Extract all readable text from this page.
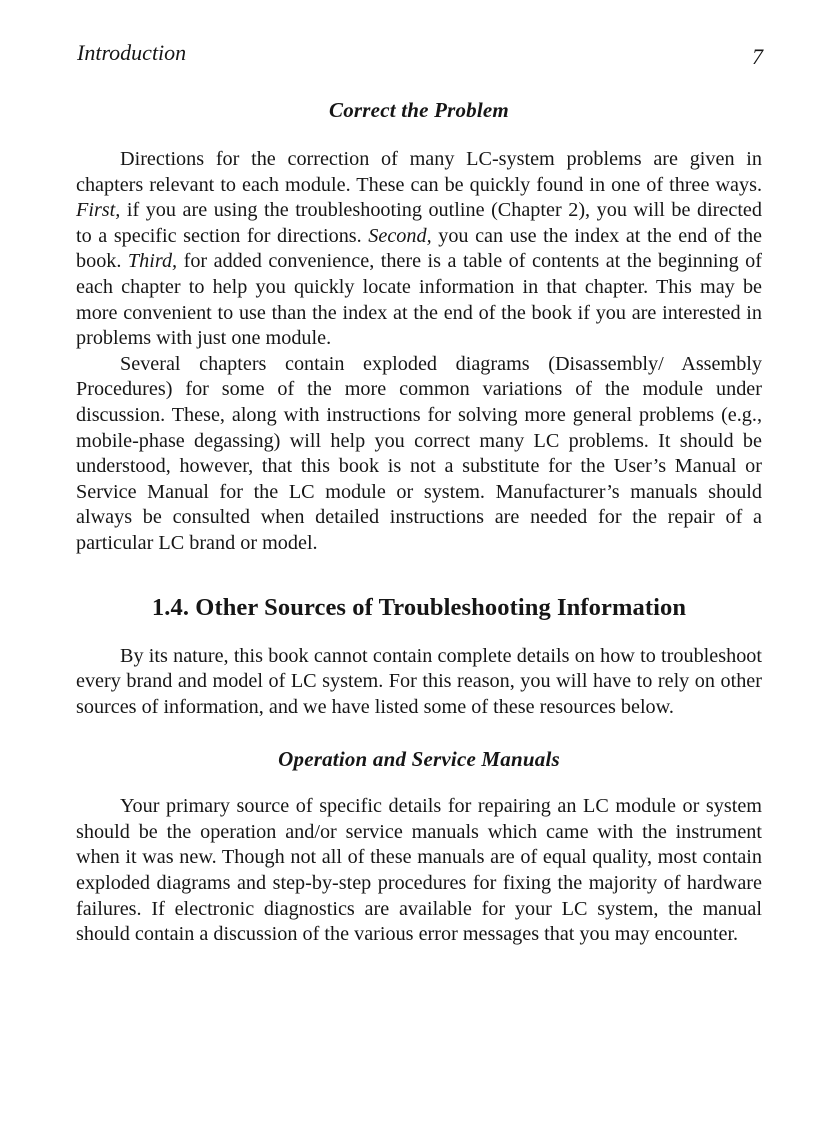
Introduction	7
Correct the Problem

Directions for the correction of many LC-system problems are given in chapters relevant to each module. These can be quickly found in one of three ways. First, if you are using the troubleshooting outline (Chapter 2), you will be directed to a specific section for directions. Second, you can use the index at the end of the book. Third, for added convenience, there is a table of contents at the beginning of each chapter to help you quickly locate information in that chapter. This may be more convenient to use than the index at the end of the book if you are interested in problems with just one module.

Several chapters contain exploded diagrams (Disassembly/ Assembly Procedures) for some of the more common variations of the module under discussion. These, along with instructions for solving more general problems (e.g., mobile-phase degassing) will help you correct many LC problems. It should be understood, however, that this book is not a substitute for the User’s Manual or Service Manual for the LC module or system. Manufacturer’s manuals should always be consulted when detailed instructions are needed for the repair of a particular LC brand or model.

1.4. Other Sources of Troubleshooting Information

By its nature, this book cannot contain complete details on how to troubleshoot every brand and model of LC system. For this reason, you will have to rely on other sources of information, and we have listed some of these resources below.

Operation and Service Manuals

Your primary source of specific details for repairing an LC module or system should be the operation and/or service manuals which came with the instrument when it was new. Though not all of these manuals are of equal quality, most contain exploded diagrams and step-by-step procedures for fixing the majority of hardware failures. If electronic diagnostics are available for your LC system, the manual should contain a discussion of the various error messages that you may encounter.
